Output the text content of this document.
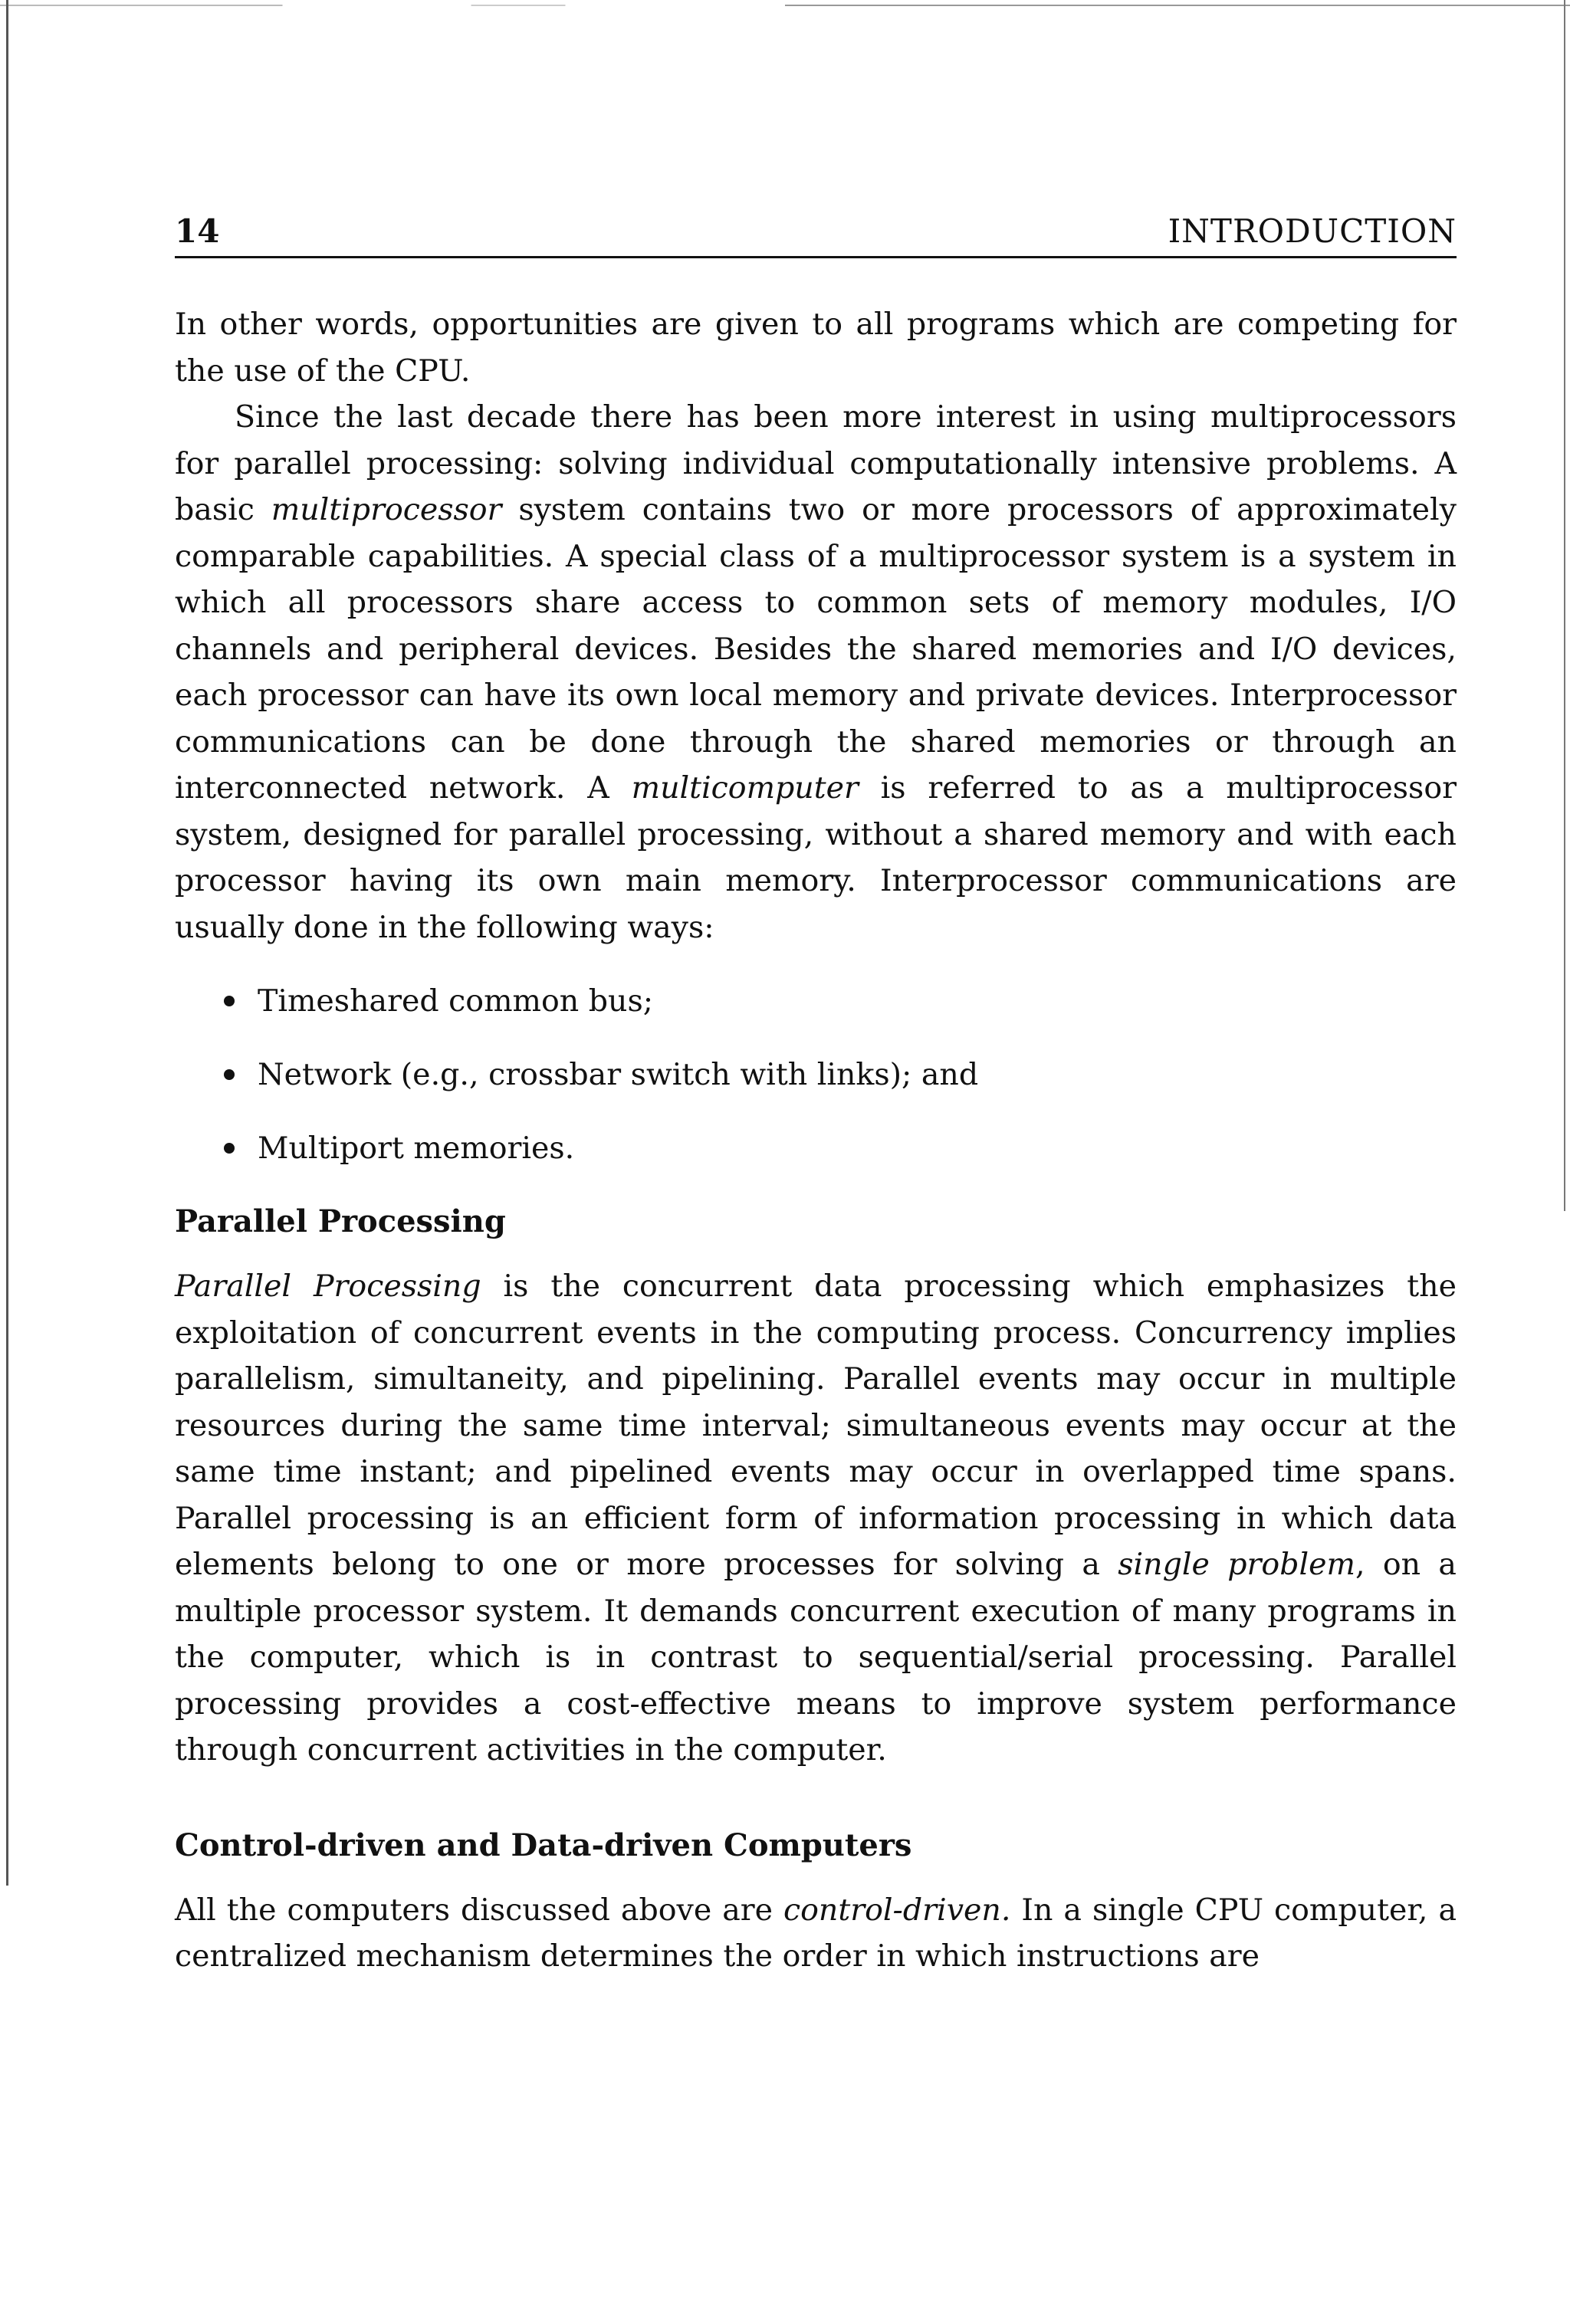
14	INTRODUCTION

In other words, opportunities are given to all programs which are competing for the use of the CPU.

Since the last decade there has been more interest in using multiprocessors for parallel processing: solving individual computationally intensive problems. A basic multiprocessor system contains two or more processors of approximately comparable capabilities. A special class of a multiprocessor system is a system in which all processors share access to common sets of memory modules, I/O channels and peripheral devices. Besides the shared memories and I/O devices, each processor can have its own local memory and private devices. Interprocessor communications can be done through the shared memories or through an interconnected network. A multicomputer is referred to as a multiprocessor system, designed for parallel processing, without a shared memory and with each processor having its own main memory. Interprocessor communications are usually done in the following ways:

Timeshared common bus;
Network (e.g., crossbar switch with links); and
Multiport memories.
Parallel Processing

Parallel Processing is the concurrent data processing which emphasizes the exploitation of concurrent events in the computing process. Concurrency implies parallelism, simultaneity, and pipelining. Parallel events may occur in multiple resources during the same time interval; simultaneous events may occur at the same time instant; and pipelined events may occur in overlapped time spans. Parallel processing is an efficient form of information processing in which data elements belong to one or more processes for solving a single problem, on a multiple processor system. It demands concurrent execution of many programs in the computer, which is in contrast to sequential/serial processing. Parallel processing provides a cost-effective means to improve system performance through concurrent activities in the computer.

Control-driven and Data-driven Computers

All the computers discussed above are control-driven. In a single CPU computer, a centralized mechanism determines the order in which instructions are
